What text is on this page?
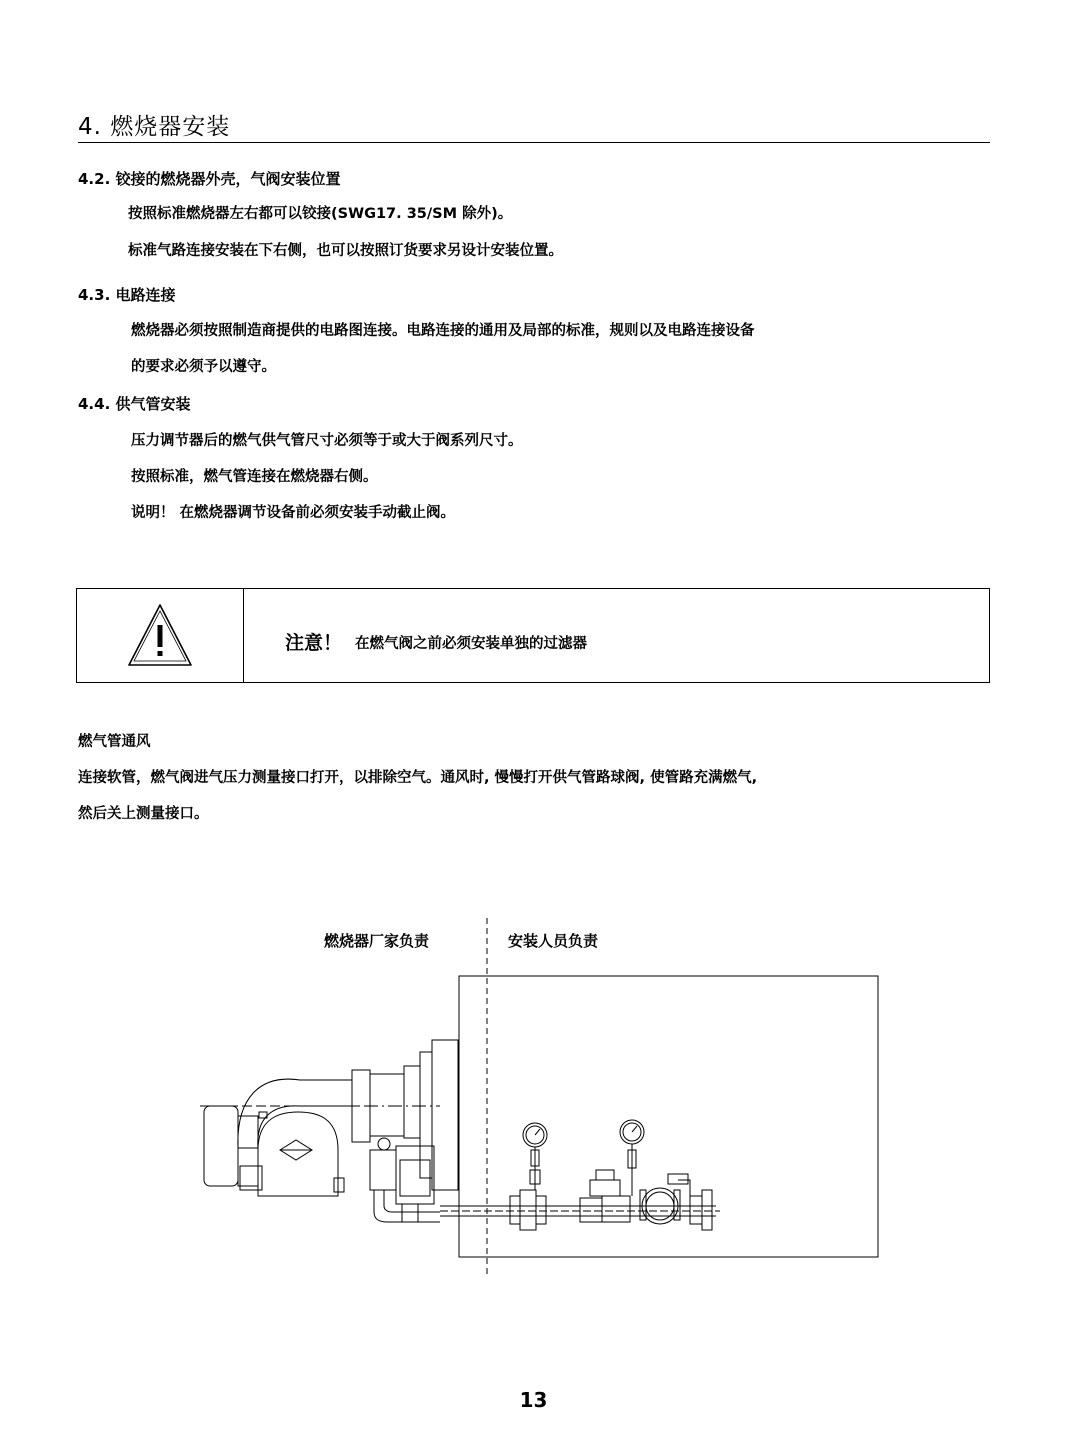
4. 燃烧器安装
4.2. 铰接的燃烧器外壳，气阀安装位置
按照标准燃烧器左右都可以铰接(SWG17. 35/SM 除外)。
标准气路连接安装在下右侧，也可以按照订货要求另设计安装位置。
4.3. 电路连接
燃烧器必须按照制造商提供的电路图连接。电路连接的通用及局部的标准，规则以及电路连接设备
的要求必须予以遵守。
4.4. 供气管安装
压力调节器后的燃气供气管尺寸必须等于或大于阀系列尺寸。
按照标准，燃气管连接在燃烧器右侧。
说明！ 在燃烧器调节设备前必须安装手动截止阀。
注意！ 在燃气阀之前必须安装单独的过滤器
燃气管通风
连接软管，燃气阀进气压力测量接口打开，以排除空气。通风时, 慢慢打开供气管路球阀, 使管路充满燃气,
然后关上测量接口。
燃烧器厂家负责	安装人员负责
13
